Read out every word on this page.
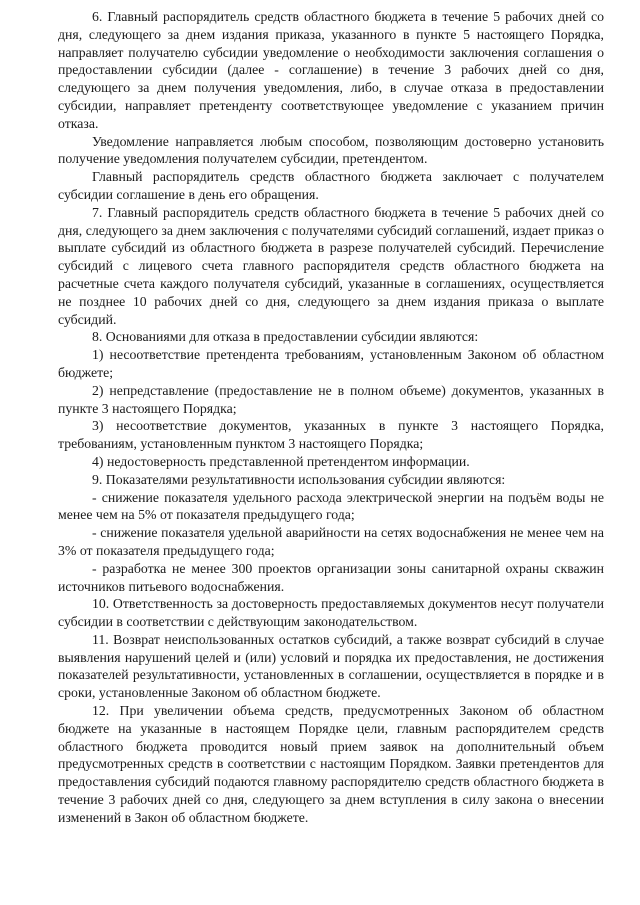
6. Главный распорядитель средств областного бюджета в течение 5 рабочих дней со дня, следующего за днем издания приказа, указанного в пункте 5 настоящего Порядка, направляет получателю субсидии уведомление о необходимости заключения соглашения о предоставлении субсидии (далее - соглашение) в течение 3 рабочих дней со дня, следующего за днем получения уведомления, либо, в случае отказа в предоставлении субсидии, направляет претенденту соответствующее уведомление с указанием причин отказа.

Уведомление направляется любым способом, позволяющим достоверно установить получение уведомления получателем субсидии, претендентом.

Главный распорядитель средств областного бюджета заключает с получателем субсидии соглашение в день его обращения.

7. Главный распорядитель средств областного бюджета в течение 5 рабочих дней со дня, следующего за днем заключения с получателями субсидий соглашений, издает приказ о выплате субсидий из областного бюджета в разрезе получателей субсидий. Перечисление субсидий с лицевого счета главного распорядителя средств областного бюджета на расчетные счета каждого получателя субсидий, указанные в соглашениях, осуществляется не позднее 10 рабочих дней со дня, следующего за днем издания приказа о выплате субсидий.

8. Основаниями для отказа в предоставлении субсидии являются:

1) несоответствие претендента требованиям, установленным Законом об областном бюджете;

2) непредставление (предоставление не в полном объеме) документов, указанных в пункте 3 настоящего Порядка;

3) несоответствие документов, указанных в пункте 3 настоящего Порядка, требованиям, установленным пунктом 3 настоящего Порядка;

4) недостоверность представленной претендентом информации.

9. Показателями результативности использования субсидии являются:

- снижение показателя удельного расхода электрической энергии на подъём воды не менее чем на 5% от показателя предыдущего года;

- снижение показателя удельной аварийности на сетях водоснабжения не менее чем на 3% от показателя предыдущего года;

- разработка не менее 300 проектов организации зоны санитарной охраны скважин источников питьевого водоснабжения.

10. Ответственность за достоверность предоставляемых документов несут получатели субсидии в соответствии с действующим законодательством.

11. Возврат неиспользованных остатков субсидий, а также возврат субсидий в случае выявления нарушений целей и (или) условий и порядка их предоставления, не достижения показателей результативности, установленных в соглашении, осуществляется в порядке и в сроки, установленные Законом об областном бюджете.

12. При увеличении объема средств, предусмотренных Законом об областном бюджете на указанные в настоящем Порядке цели, главным распорядителем средств областного бюджета проводится новый прием заявок на дополнительный объем предусмотренных средств в соответствии с настоящим Порядком. Заявки претендентов для предоставления субсидий подаются главному распорядителю средств областного бюджета в течение 3 рабочих дней со дня, следующего за днем вступления в силу закона о внесении изменений в Закон об областном бюджете.
